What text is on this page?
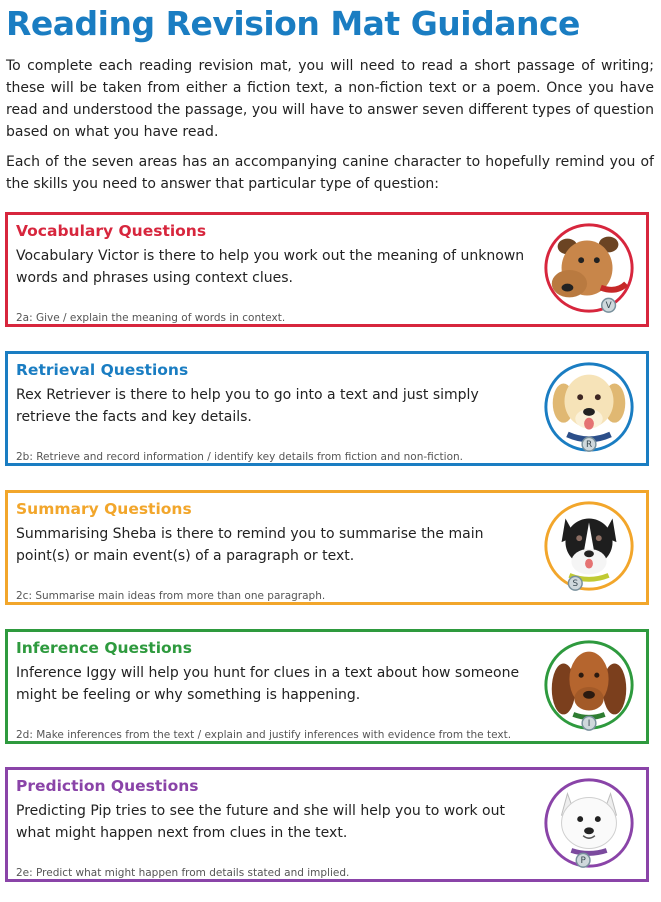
Reading Revision Mat Guidance

To complete each reading revision mat, you will need to read a short passage of writing; these will be taken from either a fiction text, a non-fiction text or a poem. Once you have read and understood the passage, you will have to answer seven different types of question based on what you have read.

Each of the seven areas has an accompanying canine character to hopefully remind you of the skills you need to answer that particular type of question:

Vocabulary Questions
Vocabulary Victor is there to help you work out the meaning of unknown words and phrases using context clues.
2a: Give / explain the meaning of words in context.
V
Retrieval Questions
Rex Retriever is there to help you to go into a text and just simply retrieve the facts and key details.
2b: Retrieve and record information / identify key details from fiction and non-fiction.
R
Summary Questions
Summarising Sheba is there to remind you to summarise the main point(s) or main event(s) of a paragraph or text.
2c: Summarise main ideas from more than one paragraph.
S
Inference Questions
Inference Iggy will help you hunt for clues in a text about how someone might be feeling or why something is happening.
2d: Make inferences from the text / explain and justify inferences with evidence from the text.
I
Prediction Questions
Predicting Pip tries to see the future and she will help you to work out what might happen next from clues in the text.
2e: Predict what might happen from details stated and implied.
P
